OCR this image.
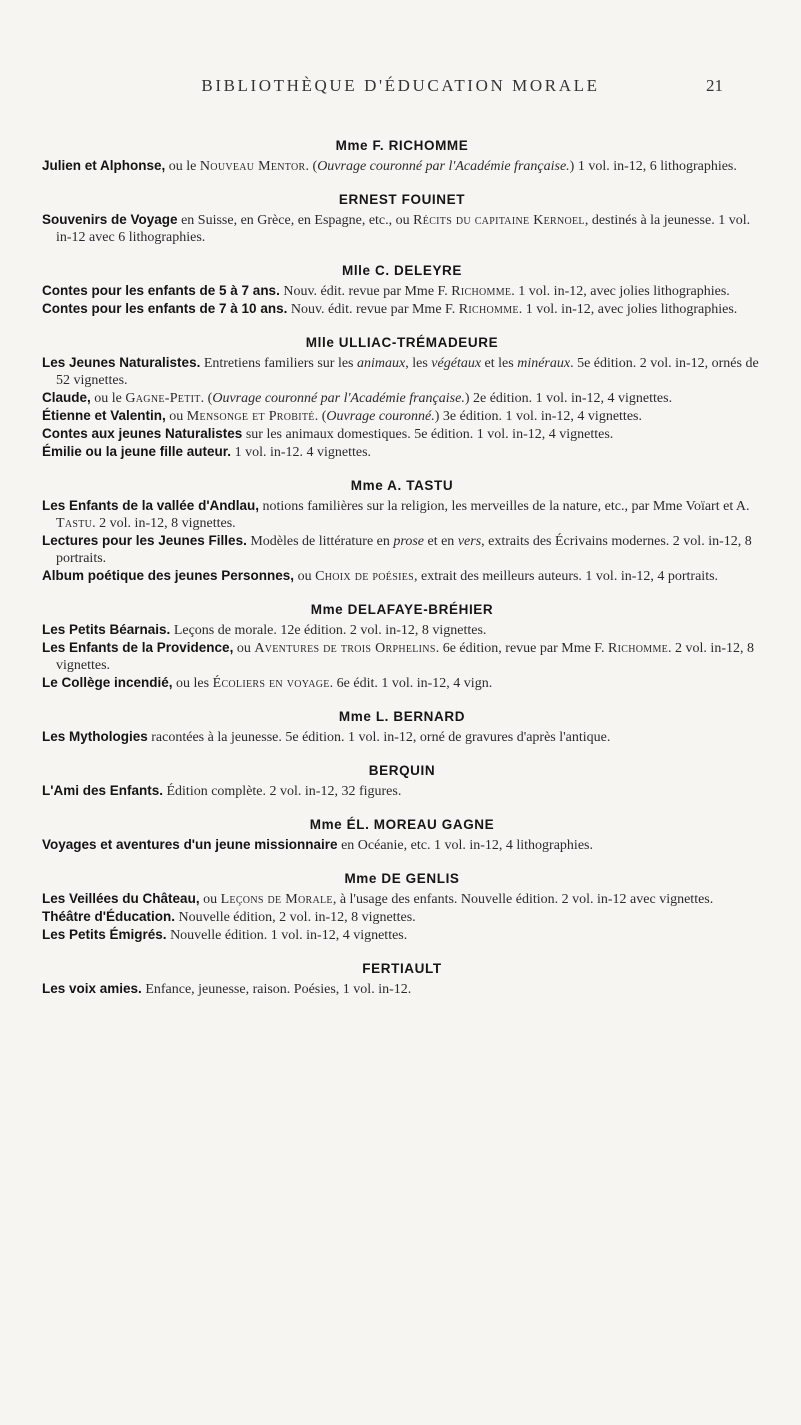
BIBLIOTHÈQUE D'ÉDUCATION MORALE	21
Mme F. RICHOMME
Julien et Alphonse, ou le Nouveau Mentor. (Ouvrage couronné par l'Académie française.) 1 vol. in-12, 6 lithographies.
ERNEST FOUINET
Souvenirs de Voyage en Suisse, en Grèce, en Espagne, etc., ou Récits du capitaine Kernoel, destinés à la jeunesse. 1 vol. in-12 avec 6 lithographies.
Mlle C. DELEYRE
Contes pour les enfants de 5 à 7 ans. Nouv. édit. revue par Mme F. Richomme. 1 vol. in-12, avec jolies lithographies.
Contes pour les enfants de 7 à 10 ans. Nouv. édit. revue par Mme F. Richomme. 1 vol. in-12, avec jolies lithographies.
Mlle ULLIAC-TRÉMADEURE
Les Jeunes Naturalistes. Entretiens familiers sur les animaux, les végétaux et les minéraux. 5e édition. 2 vol. in-12, ornés de 52 vignettes.
Claude, ou le Gagne-Petit. (Ouvrage couronné par l'Académie française.) 2e édition. 1 vol. in-12, 4 vignettes.
Étienne et Valentin, ou Mensonge et Probité. (Ouvrage couronné.) 3e édition. 1 vol. in-12, 4 vignettes.
Contes aux jeunes Naturalistes sur les animaux domestiques. 5e édition. 1 vol. in-12, 4 vignettes.
Émilie ou la jeune fille auteur. 1 vol. in-12. 4 vignettes.
Mme A. TASTU
Les Enfants de la vallée d'Andlau, notions familières sur la religion, les merveilles de la nature, etc., par Mme Voïart et A. Tastu. 2 vol. in-12, 8 vignettes.
Lectures pour les Jeunes Filles. Modèles de littérature en prose et en vers, extraits des Écrivains modernes. 2 vol. in-12, 8 portraits.
Album poétique des jeunes Personnes, ou Choix de poésies, extrait des meilleurs auteurs. 1 vol. in-12, 4 portraits.
Mme DELAFAYE-BRÉHIER
Les Petits Béarnais. Leçons de morale. 12e édition. 2 vol. in-12, 8 vignettes.
Les Enfants de la Providence, ou Aventures de trois Orphelins. 6e édition, revue par Mme F. Richomme. 2 vol. in-12, 8 vignettes.
Le Collège incendié, ou les Écoliers en voyage. 6e édit. 1 vol. in-12, 4 vign.
Mme L. BERNARD
Les Mythologies racontées à la jeunesse. 5e édition. 1 vol. in-12, orné de gravures d'après l'antique.
BERQUIN
L'Ami des Enfants. Édition complète. 2 vol. in-12, 32 figures.
Mme ÉL. MOREAU GAGNE
Voyages et aventures d'un jeune missionnaire en Océanie, etc. 1 vol. in-12, 4 lithographies.
Mme DE GENLIS
Les Veillées du Château, ou Leçons de Morale, à l'usage des enfants. Nouvelle édition. 2 vol. in-12 avec vignettes.
Théâtre d'Éducation. Nouvelle édition, 2 vol. in-12, 8 vignettes.
Les Petits Émigrés. Nouvelle édition. 1 vol. in-12, 4 vignettes.
FERTIAULT
Les voix amies. Enfance, jeunesse, raison. Poésies, 1 vol. in-12.
